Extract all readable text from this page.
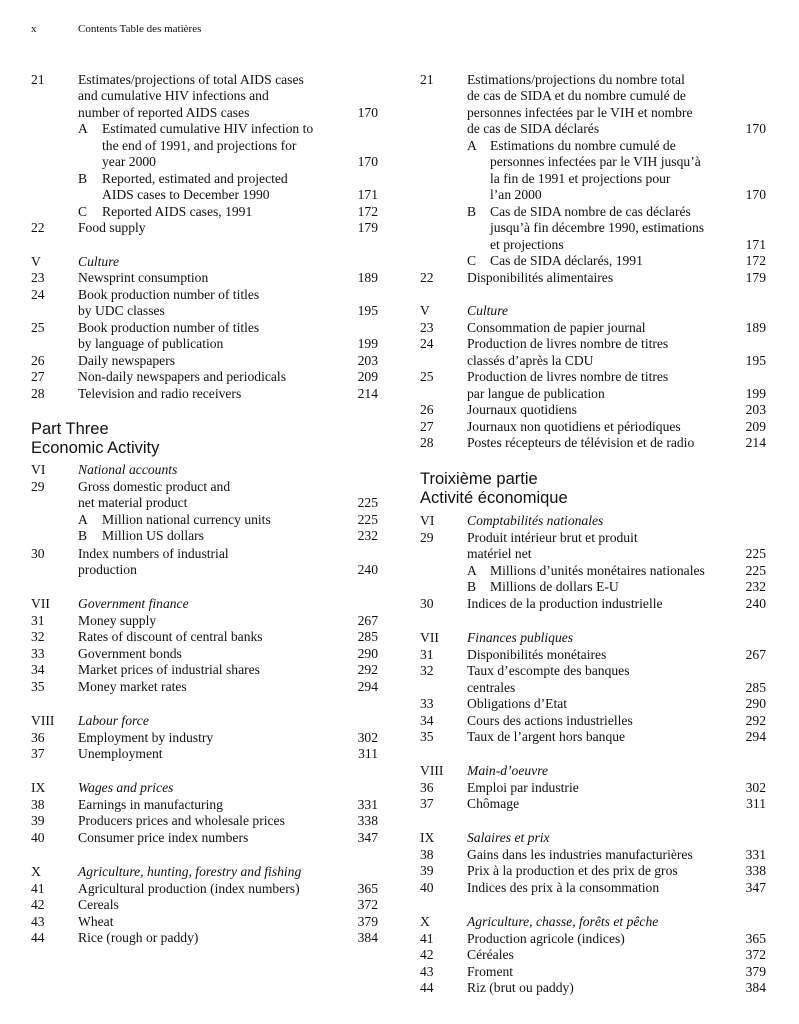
x	Contents Table des matières
21 Estimates/projections of total AIDS cases
and cumulative HIV infections and
number of reported AIDS cases	170
A Estimated cumulative HIV infection to
the end of 1991, and projections for
year 2000	170
B Reported, estimated and projected
AIDS cases to December 1990	171
C Reported AIDS cases, 1991	172
22 Food supply	179
V	Culture
23 Newsprint consumption	189
24 Book production number of titles
by UDC classes	195
25 Book production number of titles
by language of publication	199
26 Daily newspapers	203
27 Non-daily newspapers and periodicals	209
28 Television and radio receivers	214
VI National accounts
29 Gross domestic product and
net material product	225
A Million national currency units	225
B Million US dollars	232
30 Index numbers of industrial
production	240
VII Government finance
31 Money supply	267
32 Rates of discount of central banks	285
33 Government bonds	290
34 Market prices of industrial shares	292
35 Money market rates	294
VIII Labour force
36 Employment by industry	302
37 Unemployment	311
IX Wages and prices
38 Earnings in manufacturing	331
39 Producers prices and wholesale prices	338
40 Consumer price index numbers	347
X	Agriculture, hunting, forestry and fishing
41 Agricultural production (index numbers)	365
42 Cereals	372
43 Wheat	379
44 Rice (rough or paddy)	384
21 Estimations/projections du nombre total
de cas de SIDA et du nombre cumulé de
personnes infectées par le VIH et nombre
de cas de SIDA déclarés	170
A Estimations du nombre cumulé de
personnes infectées par le VIH jusqu’à
la fin de 1991 et projections pour
l’an 2000	170
B Cas de SIDA nombre de cas déclarés
jusqu’à fin décembre 1990, estimations
et projections	171
C Cas de SIDA déclarés, 1991	172
22 Disponibilités alimentaires	179
V	Culture
23 Consommation de papier journal	189
24 Production de livres nombre de titres
classés d’après la CDU	195
25 Production de livres nombre de titres
par langue de publication	199
26 Journaux quotidiens	203
27 Journaux non quotidiens et périodiques	209
28 Postes récepteurs de télévision et de radio	214
VI Comptabilités nationales
29 Produit intérieur brut et produit
matériel net	225
A Millions d’unités monétaires nationales	225
B Millions de dollars E-U	232
30 Indices de la production industrielle	240
VII Finances publiques
31 Disponibilités monétaires	267
32 Taux d’escompte des banques
centrales	285
33 Obligations d’Etat	290
34 Cours des actions industrielles	292
35 Taux de l’argent hors banque	294
VIII Main-d’oeuvre
36 Emploi par industrie	302
37 Chômage	311
IX Salaires et prix
38 Gains dans les industries manufacturières	331
39 Prix à la production et des prix de gros	338
40 Indices des prix à la consommation	347
X	Agriculture, chasse, forêts et pêche
41 Production agricole (indices)	365
42 Céréales	372
43 Froment	379
44 Riz (brut ou paddy)	384
Part Three
Economic Activity
Troixième partie
Activité économique
